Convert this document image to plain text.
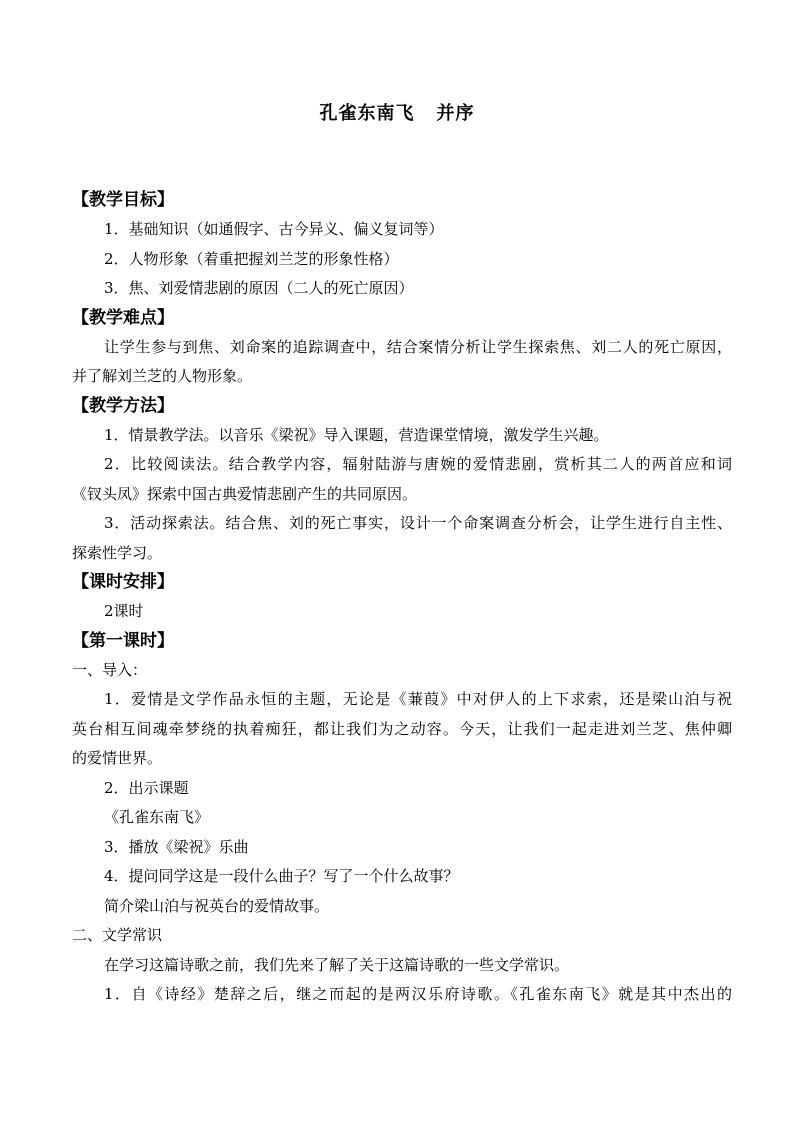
孔雀东南飞 并序
【教学目标】
1．基础知识（如通假字、古今异义、偏义复词等）
2．人物形象（着重把握刘兰芝的形象性格）
3．焦、刘爱情悲剧的原因（二人的死亡原因）
【教学难点】
让学生参与到焦、刘命案的追踪调查中，结合案情分析让学生探索焦、刘二人的死亡原因，
并了解刘兰芝的人物形象。
【教学方法】
1．情景教学法。以音乐《梁祝》导入课题，营造课堂情境，激发学生兴趣。
2．比较阅读法。结合教学内容，辐射陆游与唐婉的爱情悲剧，赏析其二人的两首应和词
《钗头凤》探索中国古典爱情悲剧产生的共同原因。
3．活动探索法。结合焦、刘的死亡事实，设计一个命案调查分析会，让学生进行自主性、
探索性学习。
【课时安排】
2课时
【第一课时】
一、导入：
1．爱情是文学作品永恒的主题，无论是《蒹葭》中对伊人的上下求索，还是梁山泊与祝
英台相互间魂牵梦绕的执着痴狂，都让我们为之动容。今天，让我们一起走进刘兰芝、焦仲卿
的爱情世界。
2．出示课题
《孔雀东南飞》
3．播放《梁祝》乐曲
4．提问同学这是一段什么曲子？写了一个什么故事？
简介梁山泊与祝英台的爱情故事。
二、文学常识
在学习这篇诗歌之前，我们先来了解了关于这篇诗歌的一些文学常识。
1．自《诗经》楚辞之后，继之而起的是两汉乐府诗歌。《孔雀东南飞》就是其中杰出的
